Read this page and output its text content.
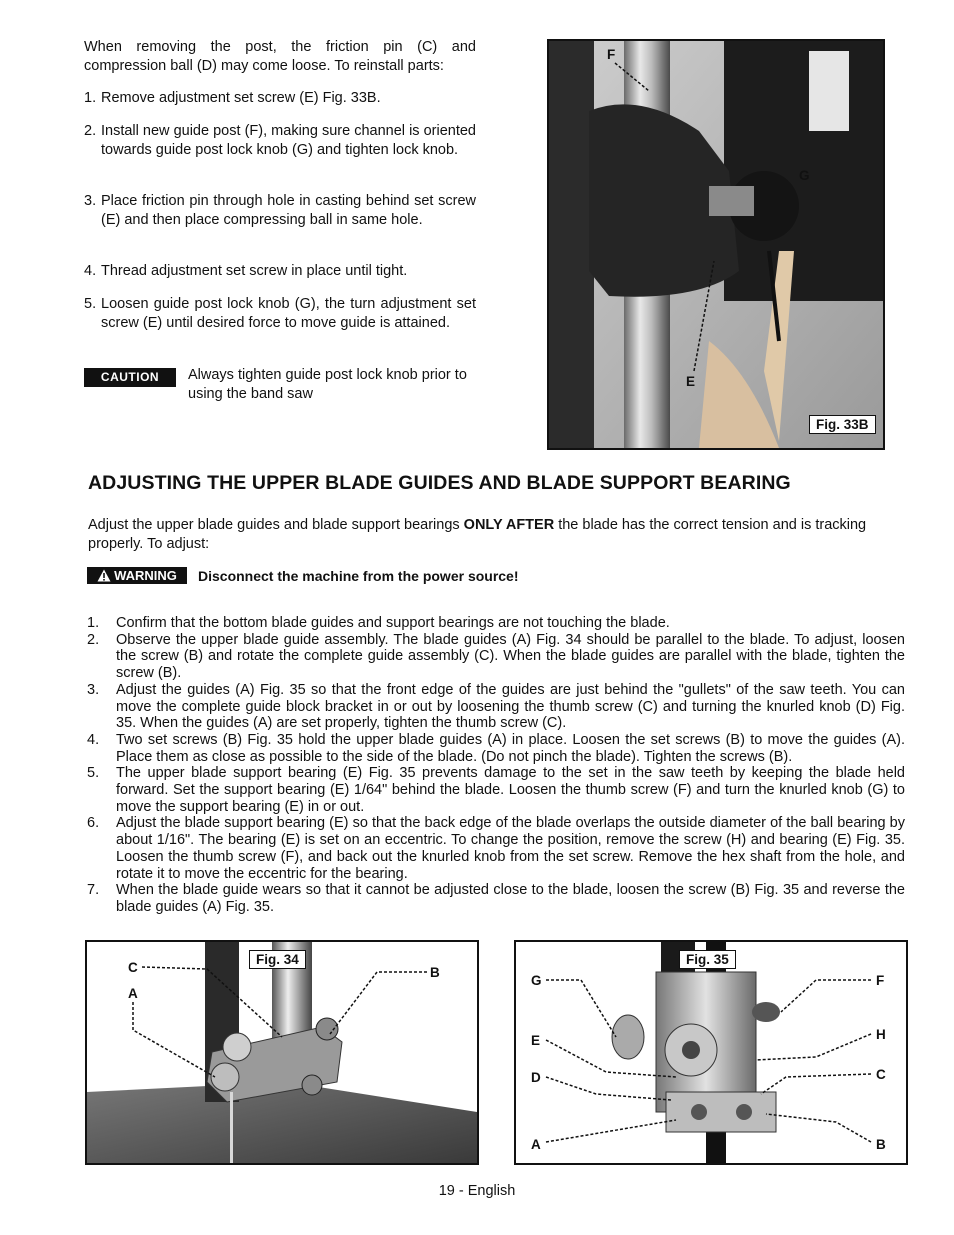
When removing the post, the friction pin (C) and compression ball (D) may come loose. To reinstall parts:

1. Remove adjustment set screw (E) Fig. 33B.
2. Install new guide post (F), making sure channel is oriented towards guide post lock knob (G) and tighten lock knob.
3. Place friction pin through hole in casting behind set screw (E) and then place compressing ball in same hole.
4. Thread adjustment set screw in place until tight.
5. Loosen guide post lock knob (G), the turn adjustment set screw (E) until desired force to move guide is attained.
CAUTION	Always tighten guide post lock knob prior to using the band saw

F
G
E
Fig. 33B
ADJUSTING THE UPPER BLADE GUIDES AND BLADE SUPPORT BEARING

Adjust the upper blade guides and blade support bearings ONLY AFTER the blade has the correct tension and is tracking properly. To adjust:

WARNING Disconnect the machine from the power source!
1. Confirm that the bottom blade guides and support bearings are not touching the blade.
2. Observe the upper blade guide assembly. The blade guides (A) Fig. 34 should be parallel to the blade. To adjust, loosen the screw (B) and rotate the complete guide assembly (C). When the blade guides are parallel with the blade, tighten the screw (B).
3. Adjust the guides (A) Fig. 35 so that the front edge of the guides are just behind the "gullets" of the saw teeth. You can move the complete guide block bracket in or out by loosening the thumb screw (C) and turning the knurled knob (D) Fig. 35. When the guides (A) are set properly, tighten the thumb screw (C).
4. Two set screws (B) Fig. 35 hold the upper blade guides (A) in place. Loosen the set screws (B) to move the guides (A). Place them as close as possible to the side of the blade. (Do not pinch the blade). Tighten the screws (B).
5. The upper blade support bearing (E) Fig. 35 prevents damage to the set in the saw teeth by keeping the blade held forward. Set the support bearing (E) 1/64" behind the blade. Loosen the thumb screw (F) and turn the knurled knob (G) to move the support bearing (E) in or out.
6. Adjust the blade support bearing (E) so that the back edge of the blade overlaps the outside diameter of the ball bearing by about 1/16". The bearing (E) is set on an eccentric. To change the position, remove the screw (H) and bearing (E) Fig. 35. Loosen the thumb screw (F), and back out the knurled knob from the set screw. Remove the hex shaft from the hole, and rotate it to move the eccentric for the bearing.
7. When the blade guide wears so that it cannot be adjusted close to the blade, loosen the screw (B) Fig. 35 and reverse the blade guides (A) Fig. 35.
Fig. 34
C
A
B
Fig. 35
G
E
D
A
F
H
C
B
19 - English
